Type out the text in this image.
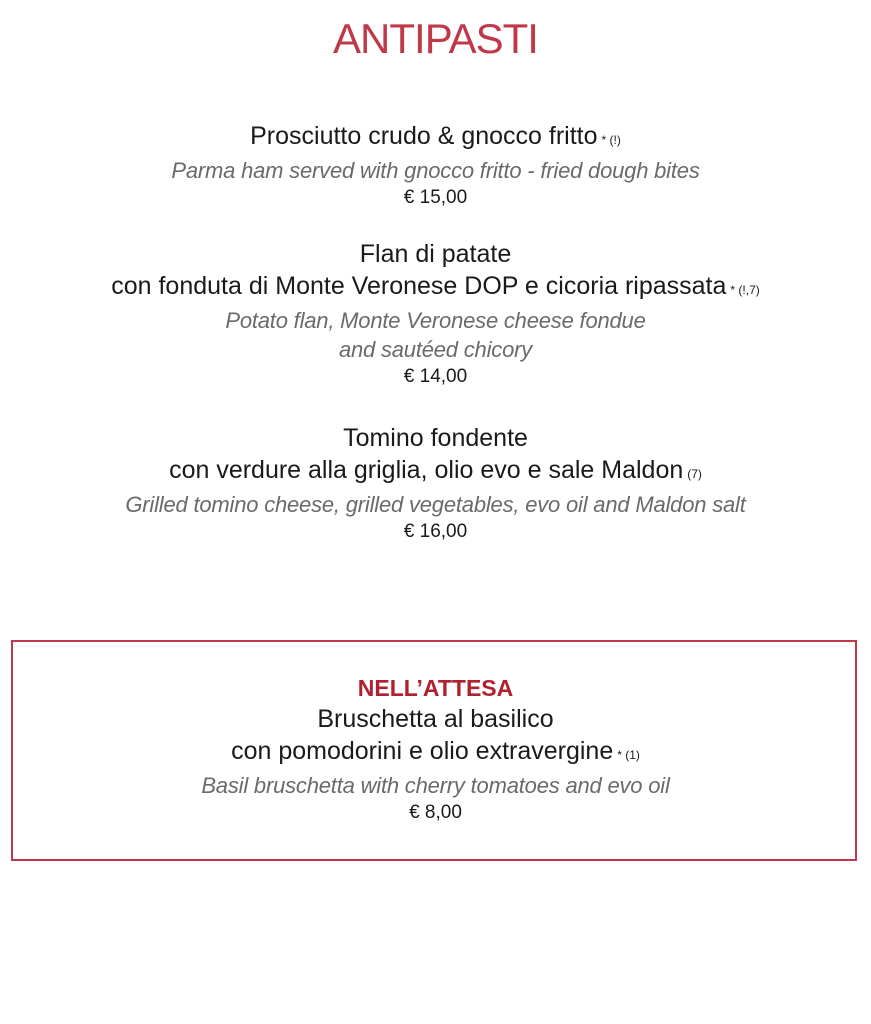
ANTIPASTI
Prosciutto crudo & gnocco fritto * (!)
Parma ham served with gnocco fritto - fried dough bites
€ 15,00
Flan di patate
con fonduta di Monte Veronese DOP e cicoria ripassata * (!,7)
Potato flan, Monte Veronese cheese fondue
and sautéed chicory
€ 14,00
Tomino fondente
con verdure alla griglia, olio evo e sale Maldon (7)
Grilled tomino cheese, grilled vegetables, evo oil and Maldon salt
€ 16,00
NELL’ATTESA
Bruschetta al basilico
con pomodorini e olio extravergine * (1)
Basil bruschetta with cherry tomatoes and evo oil
€ 8,00
